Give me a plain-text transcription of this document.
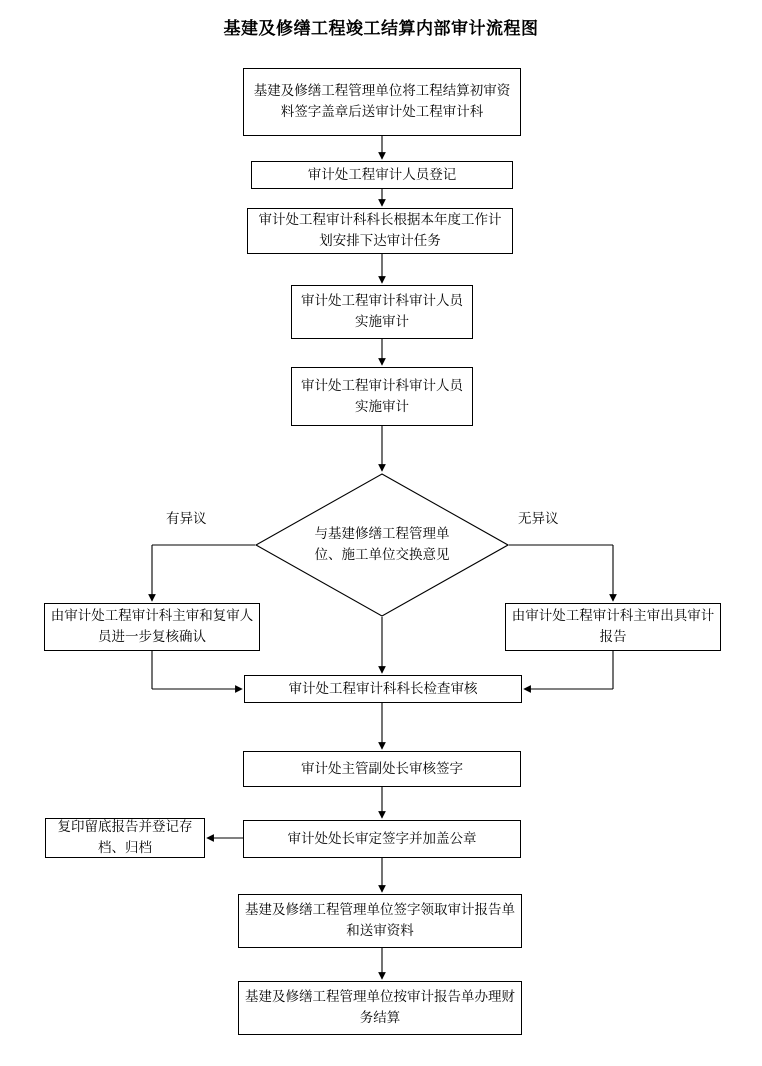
基建及修缮工程竣工结算内部审计流程图
基建及修缮工程管理单位将工程结算初审资料签字盖章后送审计处工程审计科
审计处工程审计人员登记
审计处工程审计科科长根据本年度工作计划安排下达审计任务
审计处工程审计科审计人员实施审计
审计处工程审计科审计人员实施审计
与基建修缮工程管理单位、施工单位交换意见
有异议	无异议
由审计处工程审计科主审和复审人员进一步复核确认
由审计处工程审计科主审出具审计报告
审计处工程审计科科长检查审核
审计处主管副处长审核签字
审计处处长审定签字并加盖公章
复印留底报告并登记存档、归档
基建及修缮工程管理单位签字领取审计报告单和送审资料
基建及修缮工程管理单位按审计报告单办理财务结算
